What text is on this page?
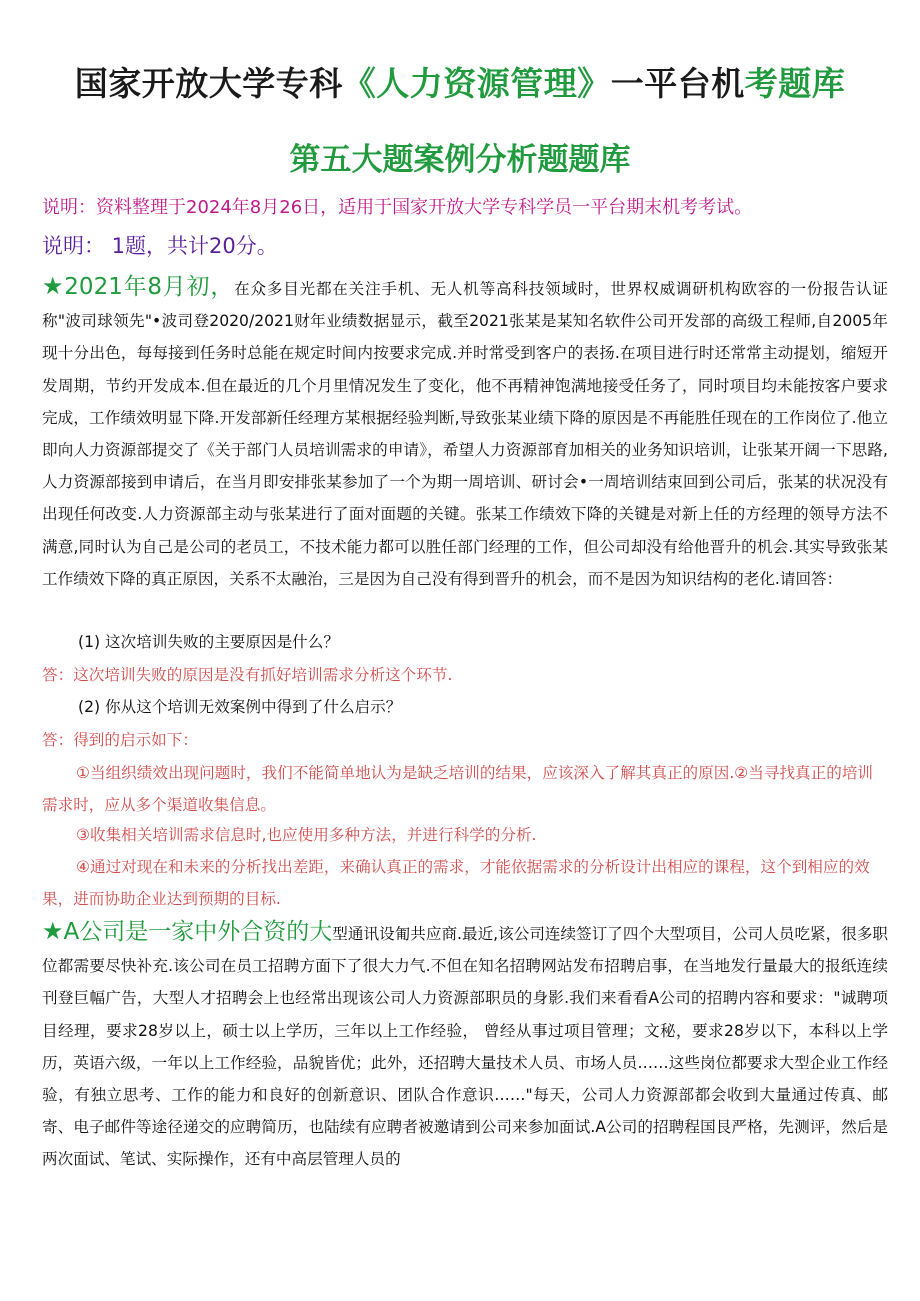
国家开放大学专科《人力资源管理》一平台机考题库
第五大题案例分析题题库
说明：资料整理于2024年8月26日，适用于国家开放大学专科学员一平台期末机考考试。
说明： 1题，共计20分。
★2021年8月初，在众多目光都在关注手机、无人机等高科技领域时，世界权威调研机构欧容的一份报告认证称"波司球领先"•波司登2020/2021财年业绩数据显示，截至2021张某是某知名软件公司开发部的高级工程师,自2005年现十分出色，每每接到任务时总能在规定时间内按要求完成.并时常受到客户的表扬.在项目进行时还常常主动提划，缩短开发周期，节约开发成本.但在最近的几个月里情况发生了变化，他不再精神饱满地接受任务了，同时项目均未能按客户要求完成，工作绩效明显下降.开发部新任经理方某根据经验判断,导致张某业绩下降的原因是不再能胜任现在的工作岗位了.他立即向人力资源部提交了《关于部门人员培训需求的申请》，希望人力资源部育加相关的业务知识培训，让张某开阔一下思路,人力资源部接到申请后，在当月即安排张某参加了一个为期一周培训、研讨会•一周培训结束回到公司后，张某的状况没有出现任何改变.人力资源部主动与张某进行了面对面题的关键。张某工作绩效下降的关键是对新上任的方经理的领导方法不满意,同时认为自己是公司的老员工，不技术能力都可以胜任部门经理的工作，但公司却没有给他晋升的机会.其实导致张某工作绩效下降的真正原因，关系不太融治，三是因为自己没有得到晋升的机会，而不是因为知识结构的老化.请回答：
(1) 这次培训失败的主要原因是什么？
答：这次培训失败的原因是没有抓好培训需求分析这个环节.
(2) 你从这个培训无效案例中得到了什么启示？
答：得到的启示如下：
①当组织绩效出现问题时，我们不能简单地认为是缺乏培训的结果，应该深入了解其真正的原因.②当寻找真正的培训需求时，应从多个渠道收集信息。
③收集相关培训需求信息时,也应使用多种方法，并进行科学的分析.
④通过对现在和未来的分析找出差距，来确认真正的需求，才能依据需求的分析设计出相应的课程，这个到相应的效果，进而协助企业达到预期的目标.
★A公司是一家中外合资的大型通讯设匍共应商.最近,该公司连续签订了四个大型项目，公司人员吃紧，很多职位都需要尽快补充.该公司在员工招聘方面下了很大力气.不但在知名招聘网站发布招聘启事，在当地发行量最大的报纸连续刊登巨幅广告，大型人才招聘会上也经常出现该公司人力资源部职员的身影.我们来看看A公司的招聘内容和要求："诚聘项目经理，要求28岁以上，硕士以上学历，三年以上工作经验， 曾经从事过项目管理；文秘，要求28岁以下，本科以上学历，英语六级，一年以上工作经验，品貌皆优；此外，还招聘大量技术人员、市场人员……这些岗位都要求大型企业工作经验，有独立思考、工作的能力和良好的创新意识、团队合作意识……"每天，公司人力资源部都会收到大量通过传真、邮寄、电子邮件等途径递交的应聘简历，也陆续有应聘者被邀请到公司来参加面试.A公司的招聘程国艮严格，先测评，然后是两次面试、笔试、实际操作，还有中高层管理人员的
